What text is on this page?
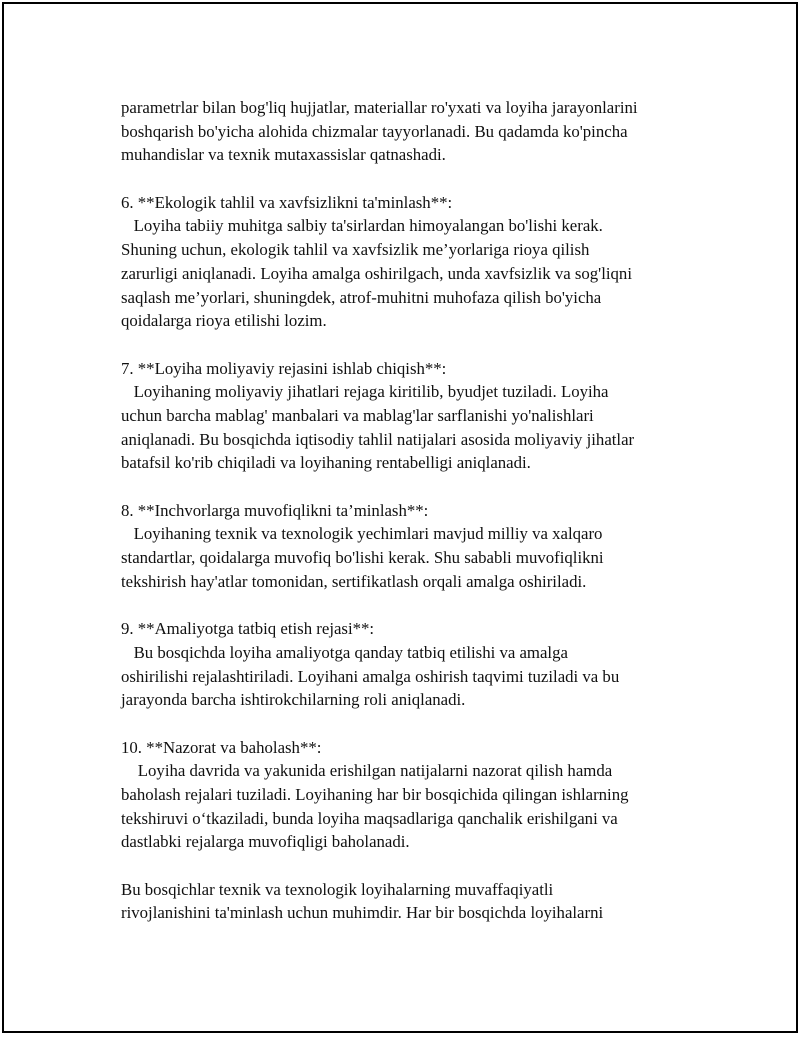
parametrlar bilan bog'liq hujjatlar, materiallar ro'yxati va loyiha jarayonlarini
boshqarish bo'yicha alohida chizmalar tayyorlanadi. Bu qadamda ko'pincha
muhandislar va texnik mutaxassislar qatnashadi.
6. **Ekologik tahlil va xavfsizlikni ta'minlash**:
Loyiha tabiiy muhitga salbiy ta'sirlardan himoyalangan bo'lishi kerak.
Shuning uchun, ekologik tahlil va xavfsizlik me’yorlariga rioya qilish
zarurligi aniqlanadi. Loyiha amalga oshirilgach, unda xavfsizlik va sog'liqni
saqlash me’yorlari, shuningdek, atrof-muhitni muhofaza qilish bo'yicha
qoidalarga rioya etilishi lozim.
7. **Loyiha moliyaviy rejasini ishlab chiqish**:
Loyihaning moliyaviy jihatlari rejaga kiritilib, byudjet tuziladi. Loyiha
uchun barcha mablag' manbalari va mablag'lar sarflanishi yo'nalishlari
aniqlanadi. Bu bosqichda iqtisodiy tahlil natijalari asosida moliyaviy jihatlar
batafsil ko'rib chiqiladi va loyihaning rentabelligi aniqlanadi.
8. **Inchvorlarga muvofiqlikni ta’minlash**:
Loyihaning texnik va texnologik yechimlari mavjud milliy va xalqaro
standartlar, qoidalarga muvofiq bo'lishi kerak. Shu sababli muvofiqlikni
tekshirish hay'atlar tomonidan, sertifikatlash orqali amalga oshiriladi.
9. **Amaliyotga tatbiq etish rejasi**:
Bu bosqichda loyiha amaliyotga qanday tatbiq etilishi va amalga
oshirilishi rejalashtiriladi. Loyihani amalga oshirish taqvimi tuziladi va bu
jarayonda barcha ishtirokchilarning roli aniqlanadi.
10. **Nazorat va baholash**:
Loyiha davrida va yakunida erishilgan natijalarni nazorat qilish hamda
baholash rejalari tuziladi. Loyihaning har bir bosqichida qilingan ishlarning
tekshiruvi o‘tkaziladi, bunda loyiha maqsadlariga qanchalik erishilgani va
dastlabki rejalarga muvofiqligi baholanadi.
Bu bosqichlar texnik va texnologik loyihalarning muvaffaqiyatli
rivojlanishini ta'minlash uchun muhimdir. Har bir bosqichda loyihalarni
